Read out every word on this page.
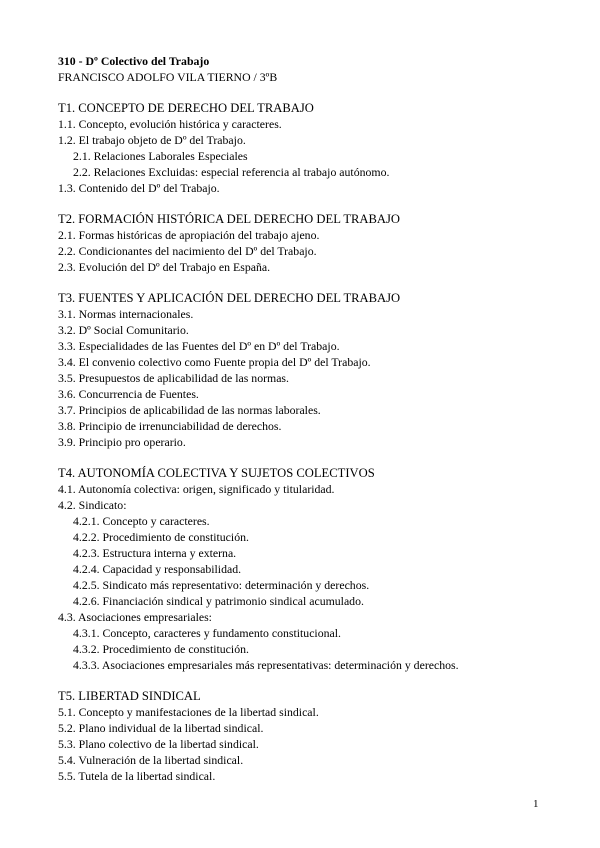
310 - Dº Colectivo del Trabajo
FRANCISCO ADOLFO VILA TIERNO / 3ºB
T1. CONCEPTO DE DERECHO DEL TRABAJO
1.1. Concepto, evolución histórica y caracteres.
1.2. El trabajo objeto de Dº del Trabajo.
2.1. Relaciones Laborales Especiales
2.2. Relaciones Excluidas: especial referencia al trabajo autónomo.
1.3. Contenido del Dº del Trabajo.
T2. FORMACIÓN HISTÓRICA DEL DERECHO DEL TRABAJO
2.1. Formas históricas de apropiación del trabajo ajeno.
2.2. Condicionantes del nacimiento del Dº del Trabajo.
2.3. Evolución del Dº del Trabajo en España.
T3. FUENTES Y APLICACIÓN DEL DERECHO DEL TRABAJO
3.1. Normas internacionales.
3.2. Dº Social Comunitario.
3.3. Especialidades de las Fuentes del Dº en Dº del Trabajo.
3.4. El convenio colectivo como Fuente propia del Dº del Trabajo.
3.5. Presupuestos de aplicabilidad de las normas.
3.6. Concurrencia de Fuentes.
3.7. Principios de aplicabilidad de las normas laborales.
3.8. Principio de irrenunciabilidad de derechos.
3.9. Principio pro operario.
T4. AUTONOMÍA COLECTIVA Y SUJETOS COLECTIVOS
4.1. Autonomía colectiva: origen, significado y titularidad.
4.2. Sindicato:
4.2.1. Concepto y caracteres.
4.2.2. Procedimiento de constitución.
4.2.3. Estructura interna y externa.
4.2.4. Capacidad y responsabilidad.
4.2.5. Sindicato más representativo: determinación y derechos.
4.2.6. Financiación sindical y patrimonio sindical acumulado.
4.3. Asociaciones empresariales:
4.3.1. Concepto, caracteres y fundamento constitucional.
4.3.2. Procedimiento de constitución.
4.3.3. Asociaciones empresariales más representativas: determinación y derechos.
T5. LIBERTAD SINDICAL
5.1. Concepto y manifestaciones de la libertad sindical.
5.2. Plano individual de la libertad sindical.
5.3. Plano colectivo de la libertad sindical.
5.4. Vulneración de la libertad sindical.
5.5. Tutela de la libertad sindical.
1
